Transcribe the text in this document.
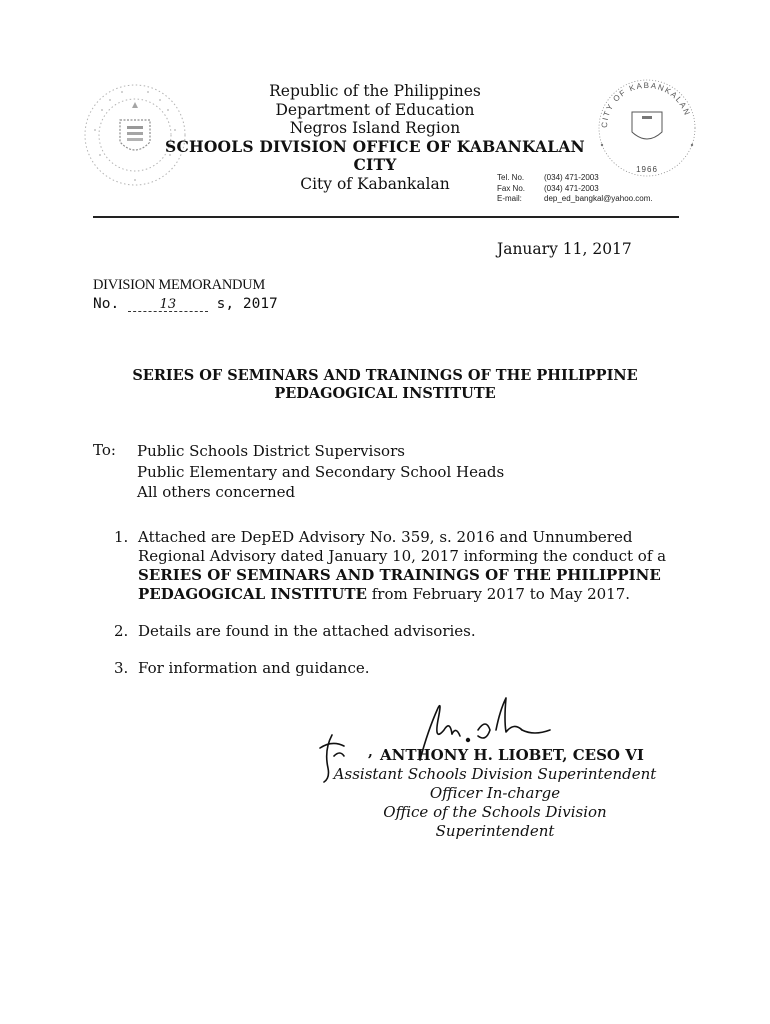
Republic of the Philippines
Department of Education
Negros Island Region
SCHOOLS DIVISION OFFICE OF KABANKALAN CITY
City of Kabankalan
CITY OF KABANKALAN
1966
Tel. No.	(034) 471-2003
Fax No.	(034) 471-2003
E-mail:	dep_ed_bangkal@yahoo.com.
January 11, 2017
DIVISION MEMORANDUM
No.	13	s, 2017
SERIES OF SEMINARS AND TRAININGS OF THE PHILIPPINE
PEDAGOGICAL INSTITUTE
To: Public Schools District Supervisors
Public Elementary and Secondary School Heads
All others concerned
1. Attached are DepED Advisory No. 359, s. 2016 and Unnumbered Regional Advisory dated January 10, 2017 informing the conduct of a SERIES OF SEMINARS AND TRAININGS OF THE PHILIPPINE PEDAGOGICAL INSTITUTE from February 2017 to May 2017.
2. Details are found in the attached advisories.
3. For information and guidance.
, ANTHONY H. LIOBET, CESO VI
Assistant Schools Division Superintendent
Officer In-charge
Office of the Schools Division Superintendent
